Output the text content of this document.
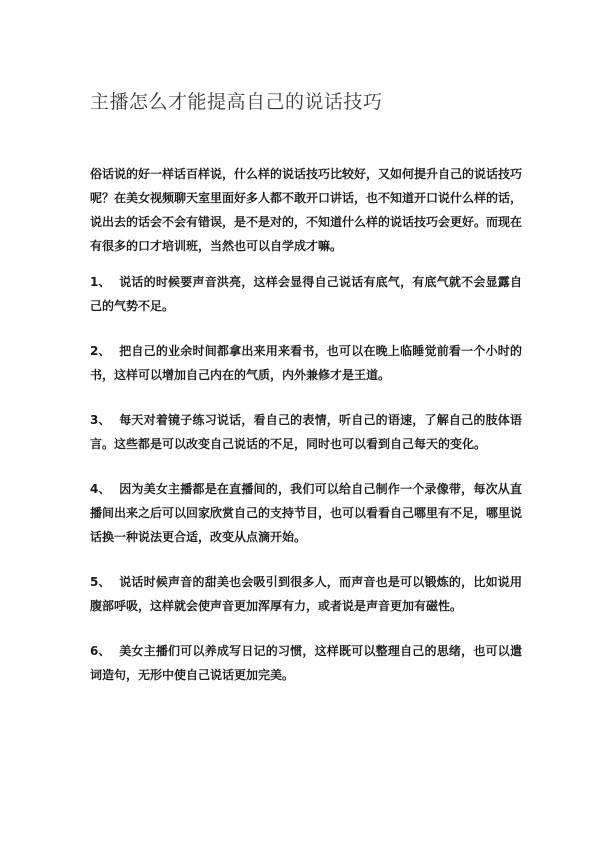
主播怎么才能提高自己的说话技巧

俗话说的好一样话百样说，什么样的说话技巧比较好，又如何提升自己的说话技巧呢？在美女视频聊天室里面好多人都不敢开口讲话，也不知道开口说什么样的话，说出去的话会不会有错误，是不是对的，不知道什么样的说话技巧会更好。而现在有很多的口才培训班，当然也可以自学成才嘛。

1、 说话的时候要声音洪亮，这样会显得自己说话有底气，有底气就不会显露自己的气势不足。

2、 把自己的业余时间都拿出来用来看书，也可以在晚上临睡觉前看一个小时的书，这样可以增加自己内在的气质，内外兼修才是王道。

3、 每天对着镜子练习说话，看自己的表情，听自己的语速，了解自己的肢体语言。这些都是可以改变自己说话的不足，同时也可以看到自己每天的变化。

4、 因为美女主播都是在直播间的，我们可以给自己制作一个录像带，每次从直播间出来之后可以回家欣赏自己的支持节目，也可以看看自己哪里有不足，哪里说话换一种说法更合适，改变从点滴开始。

5、 说话时候声音的甜美也会吸引到很多人，而声音也是可以锻炼的，比如说用腹部呼吸，这样就会使声音更加浑厚有力，或者说是声音更加有磁性。

6、 美女主播们可以养成写日记的习惯，这样既可以整理自己的思绪，也可以遣词造句，无形中使自己说话更加完美。
